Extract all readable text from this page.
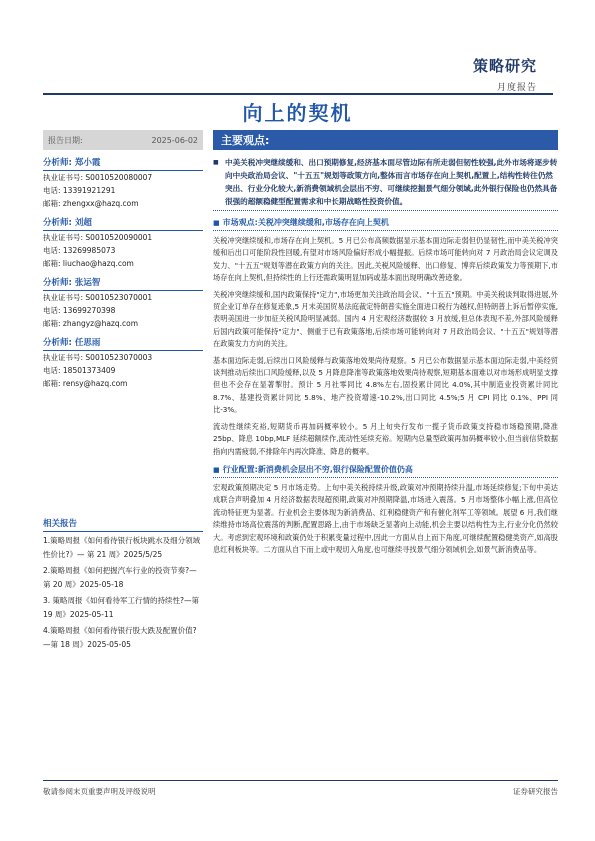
策略研究
月度报告
向上的契机
报告日期:	2025-06-02
分析师: 郑小霞
执业证书号: S0010520080007
电话: 13391921291
邮箱: zhengxx@hazq.com
分析师: 刘超
执业证书号: S0010520090001
电话: 13269985073
邮箱: liuchao@hazq.com
分析师: 张运智
执业证书号: S0010523070001
电话: 13699270398
邮箱: zhangyz@hazq.com
分析师: 任思雨
执业证书号: S0010523070003
电话: 18501373409
邮箱: rensy@hazq.com
相关报告
1.策略周报《如何看待银行板块跳水及细分领域性价比?》— 第 21 周》2025/5/25
2.策略周报《如何把握汽车行业的投资节奏?—第 20 周》2025-05-18
3. 策略周报《如何看待军工行情的持续性?—第 19 周》2025-05-11
4.策略周报《如何看待银行股大跌及配置价值?—第 18 周》2025-05-05
主要观点:
■ 中美关税冲突继续缓和、出口预期修复,经济基本面尽管边际有所走弱但韧性较强,此外市场将逐步转向中央政治局会议、"十五五"规划等政策方向,整体而言市场存在向上契机,配置上,结构性转往仍然突出、行业分化较大,新消费领域机会层出不穷、可继续挖掘景气细分领域,此外银行保险也仍然具备很强的超额稳健型配置需求和中长期战略性投资价值。
■ 市场观点:关税冲突继续缓和,市场存在向上契机
关税冲突继续缓和,市场存在向上契机。5 月已公布高频数据显示基本面边际走弱但仍显韧性,而中美关税冲突缓和后出口可能阶段性回暖,有望对市场风险偏好形成小幅提振。后续市场可能转向对 7 月政治局会议定调及发力、"十五五"规划等潜在政策方向的关注。因此,关税风险缓释、出口修复、博弈后续政策发力等预期下,市场存在向上契机,但持续性的上行还需政策明显加码或基本面出现明确改善迹象。
关税冲突继续缓和,国内政策保持"定力",市场更加关注政治局会议、"十五五"预期。中美关税谈判取得进展,外贸企业订单存在修复迹象,5 月末美国贸易法庭裁定特朗普实施全面进口税行为越权,但特朗普上诉后暂停实施,表明美国进一步加征关税风险明显减弱。国内 4 月宏观经济数据较 3 月放缓,但总体表现不差,外部风险缓释后国内政策可能保持"定力"、侧重于已有政策落地,后续市场可能转向对 7 月政治局会议、"十五五"规划等潜在政策发力方向的关注。
基本面边际走弱,后续出口风险缓释与政策落地效果尚待观察。5 月已公布数据显示基本面边际走弱,中美经贸谈判推动后续出口风险缓释,以及 5 月降息降准等政策落地效果尚待观察,短期基本面难以对市场形成明显支撑但也不会存在显著掣肘。预计 5 月社零同比 4.8%左右,固投累计同比 4.0%,其中制造业投资累计同比 8.7%、基建投资累计同比 5.8%、地产投资增速-10.2%,出口同比 4.5%;5 月 CPI 同比 0.1%、PPI 同比-3%。
流动性继续充裕,短期货币再加码概率较小。5 月上旬央行发布一揽子货币政策支持稳市场稳预期,降准 25bp、降息 10bp,MLF 延续超额续作,流动性延续充裕。短期内总量型政策再加码概率较小,但当前信贷数据指向内需疲弱,不排除年内再次降准、降息的概率。
■ 行业配置:新消费机会层出不穷,银行保险配置价值仍高
宏观政策预期决定 5 月市场走势。上旬中美关税持续升级,政策对冲预期持续升温,市场延续修复;下旬中美达成联合声明叠加 4 月经济数据表现超预期,政策对冲预期降温,市场进入震荡。5 月市场整体小幅上涨,但高位流动特征更为显著。行业机会主要体现为新消费品、红利稳健资产和有催化剂军工等领域。展望 6 月,我们继续维持市场高位震荡的判断,配置思路上,由于市场缺乏显著向上动能,机会主要以结构性为主,行业分化仍然较大。考虑到宏观环境和政策仍处于积累变量过程中,因此一方面从自上而下角度,可继续配置稳健类资产,如高股息红利板块等。二方面从自下而上或中观切入角度,也可继续寻找景气细分领域机会,如景气新消费品等。
敬请参阅末页重要声明及评级说明	证券研究报告
